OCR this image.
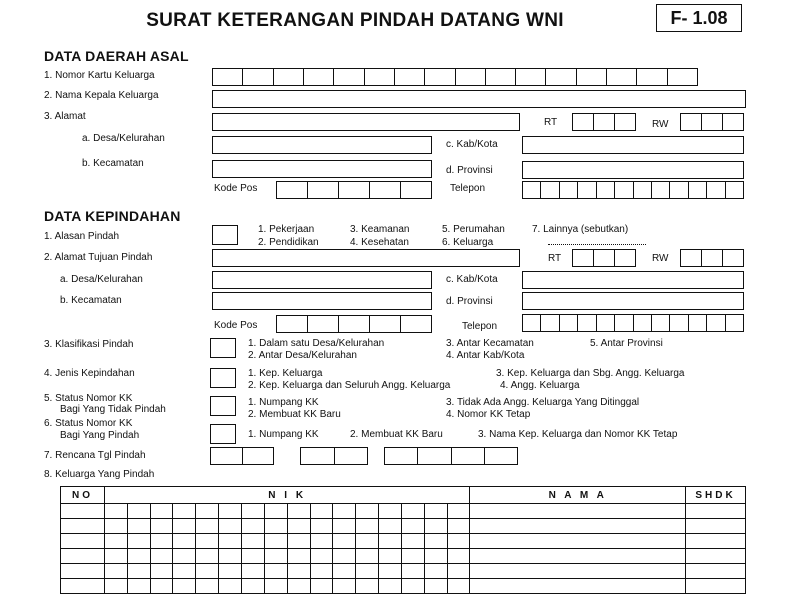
SURAT KETERANGAN PINDAH DATANG WNI	F- 1.08
DATA DAERAH ASAL
1. Nomor Kartu Keluarga
2. Nama Kepala Keluarga
3. Alamat
RT	RW
a. Desa/Kelurahan
c. Kab/Kota
b. Kecamatan
d. Provinsi
Kode Pos	Telepon
DATA KEPINDAHAN
1. Alasan Pindah
1. Pekerjaan	3. Keamanan	5. Perumahan	7. Lainnya (sebutkan)
2. Pendidikan	4. Kesehatan	6. Keluarga
2. Alamat Tujuan Pindah	RT	RW
a. Desa/Kelurahan	c. Kab/Kota
b. Kecamatan	d. Provinsi
Kode Pos	Telepon
3. Klasifikasi Pindah	1. Dalam satu Desa/Kelurahan	3. Antar Kecamatan	5. Antar Provinsi
2. Antar Desa/Kelurahan	4. Antar Kab/Kota
4. Jenis Kepindahan	1. Kep. Keluarga	3. Kep. Keluarga dan Sbg. Angg. Keluarga
2. Kep. Keluarga dan Seluruh Angg. Keluarga	4. Angg. Keluarga
5. Status Nomor KK
Bagi Yang Tidak Pindah
1. Numpang KK	3. Tidak Ada Angg. Keluarga Yang Ditinggal
2. Membuat KK Baru	4. Nomor KK Tetap
6. Status Nomor KK
Bagi Yang Pindah	1. Numpang KK	2. Membuat KK Baru	3. Nama Kep. Keluarga dan Nomor KK Tetap
7. Rencana Tgl Pindah
8. Keluarga Yang Pindah
NO	N I K	N A M A	SHDK
